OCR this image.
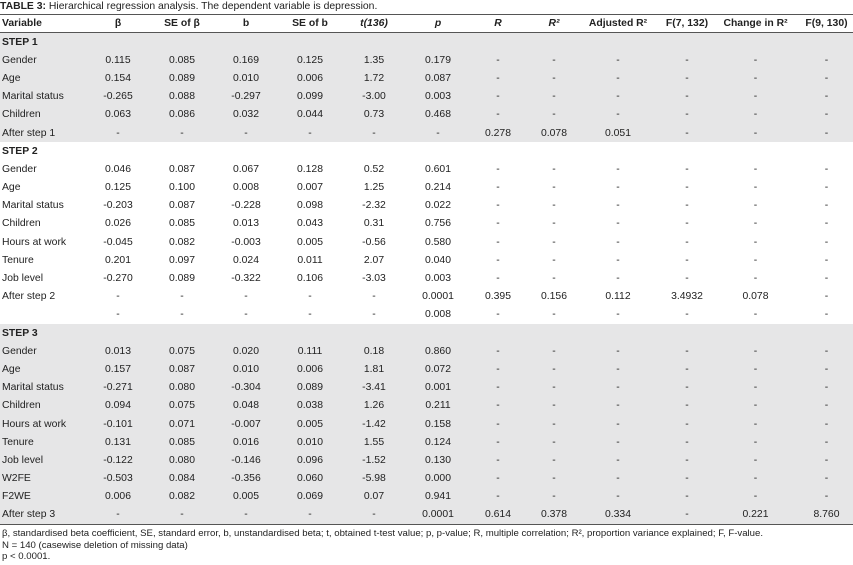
TABLE 3: Hierarchical regression analysis. The dependent variable is depression.
Variable	β	SE of β	b	SE of b	t(136)	p	R	R²	Adjusted R²	F(7, 132)	Change in R²	F(9, 130)
STEP 1												
Gender	0.115	0.085	0.169	0.125	1.35	0.179	-	-	-	-	-	-
Age	0.154	0.089	0.010	0.006	1.72	0.087	-	-	-	-	-	-
Marital status	-0.265	0.088	-0.297	0.099	-3.00	0.003	-	-	-	-	-	-
Children	0.063	0.086	0.032	0.044	0.73	0.468	-	-	-	-	-	-
After step 1	-	-	-	-	-	-	0.278	0.078	0.051	-	-	-
STEP 2												
Gender	0.046	0.087	0.067	0.128	0.52	0.601	-	-	-	-	-	-
Age	0.125	0.100	0.008	0.007	1.25	0.214	-	-	-	-	-	-
Marital status	-0.203	0.087	-0.228	0.098	-2.32	0.022	-	-	-	-	-	-
Children	0.026	0.085	0.013	0.043	0.31	0.756	-	-	-	-	-	-
Hours at work	-0.045	0.082	-0.003	0.005	-0.56	0.580	-	-	-	-	-	-
Tenure	0.201	0.097	0.024	0.011	2.07	0.040	-	-	-	-	-	-
Job level	-0.270	0.089	-0.322	0.106	-3.03	0.003	-	-	-	-	-	-
After step 2	-	-	-	-	-	0.0001	0.395	0.156	0.112	3.4932	0.078	-
	-	-	-	-	-	0.008	-	-	-	-	-	-
STEP 3												
Gender	0.013	0.075	0.020	0.111	0.18	0.860	-	-	-	-	-	-
Age	0.157	0.087	0.010	0.006	1.81	0.072	-	-	-	-	-	-
Marital status	-0.271	0.080	-0.304	0.089	-3.41	0.001	-	-	-	-	-	-
Children	0.094	0.075	0.048	0.038	1.26	0.211	-	-	-	-	-	-
Hours at work	-0.101	0.071	-0.007	0.005	-1.42	0.158	-	-	-	-	-	-
Tenure	0.131	0.085	0.016	0.010	1.55	0.124	-	-	-	-	-	-
Job level	-0.122	0.080	-0.146	0.096	-1.52	0.130	-	-	-	-	-	-
W2FE	-0.503	0.084	-0.356	0.060	-5.98	0.000	-	-	-	-	-	-
F2WE	0.006	0.082	0.005	0.069	0.07	0.941	-	-	-	-	-	-
After step 3	-	-	-	-	-	0.0001	0.614	0.378	0.334	-	0.221	8.760
β, standardised beta coefficient, SE, standard error, b, unstandardised beta; t, obtained t-test value; p, p-value; R, multiple correlation; R², proportion variance explained; F, F-value.
N = 140 (casewise deletion of missing data)
p < 0.0001.
